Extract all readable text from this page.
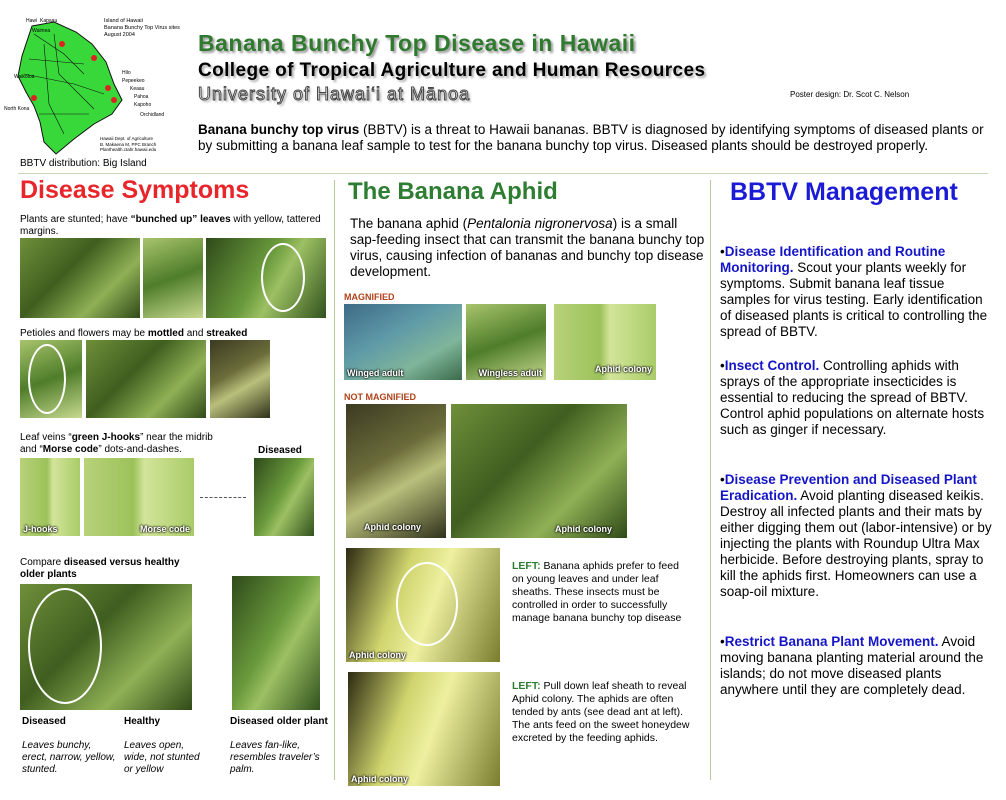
Hawi Kapaau
Waimea
Hilo
Pepeekeo
Keaau
Pahoa
Kapoho
Orchidland
North Kona
Waikoloa
Island of Hawaii
Banana Bunchy Top Virus sites
August 2004
Hawaii Dept. of Agriculture
B. Makaena M, PPC Branch
Planthealth.ctahr.hawaii.edu
BBTV distribution: Big Island
Banana Bunchy Top Disease in Hawaii
College of Tropical Agriculture and Human Resources
University of Hawai‘i at Mānoa	Poster design: Dr. Scot C. Nelson
Banana bunchy top virus (BBTV) is a threat to Hawaii bananas. BBTV is diagnosed by identifying symptoms of diseased plants or by submitting a banana leaf sample to test for the banana bunchy top virus. Diseased plants should be destroyed properly.
Disease Symptoms
Plants are stunted; have “bunched up” leaves with yellow, tattered margins.
Petioles and flowers may be mottled and streaked
Leaf veins “green J-hooks” near the midrib and “Morse code” dots-and-dashes.	Diseased
J-hooks	Morse code
Compare diseased versus healthy older plants
Diseased
Leaves bunchy, erect, narrow, yellow, stunted.
Healthy
Leaves open, wide, not stunted or yellow
Diseased older plant
Leaves fan-like, resembles traveler’s palm.
The Banana Aphid
The banana aphid (Pentalonia nigronervosa) is a small sap-feeding insect that can transmit the banana bunchy top virus, causing infection of bananas and bunchy top disease development.
MAGNIFIED
Winged adult	Wingless adult	Aphid colony
NOT MAGNIFIED
Aphid colony	Aphid colony
Aphid colony
LEFT: Banana aphids prefer to feed on young leaves and under leaf sheaths. These insects must be controlled in order to successfully manage banana bunchy top disease
Aphid colony
LEFT: Pull down leaf sheath to reveal Aphid colony. The aphids are often tended by ants (see dead ant at left). The ants feed on the sweet honeydew excreted by the feeding aphids.
BBTV Management
•Disease Identification and Routine Monitoring. Scout your plants weekly for symptoms. Submit banana leaf tissue samples for virus testing. Early identification of diseased plants is critical to controlling the spread of BBTV.
•Insect Control. Controlling aphids with sprays of the appropriate insecticides is essential to reducing the spread of BBTV. Control aphid populations on alternate hosts such as ginger if necessary.
•Disease Prevention and Diseased Plant Eradication. Avoid planting diseased keikis. Destroy all infected plants and their mats by either digging them out (labor-intensive) or by injecting the plants with Roundup Ultra Max herbicide. Before destroying plants, spray to kill the aphids first. Homeowners can use a soap-oil mixture.
•Restrict Banana Plant Movement. Avoid moving banana planting material around the islands; do not move diseased plants anywhere until they are completely dead.
